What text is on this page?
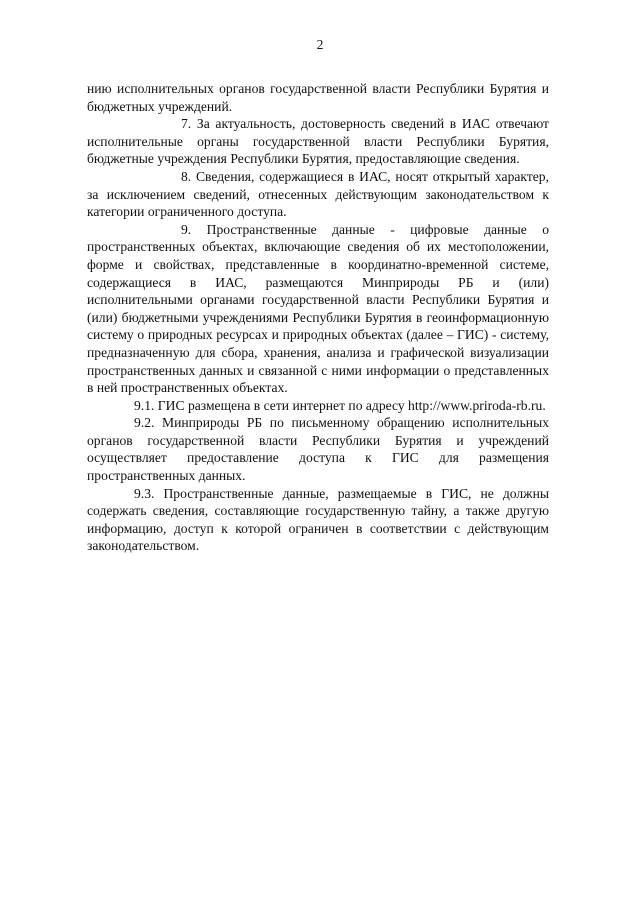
2

нию исполнительных органов государственной власти Республики Бурятия и бюджетных учреждений.

7. За актуальность, достоверность сведений в ИАС отвечают исполнительные органы государственной власти Республики Бурятия, бюджетные учреждения Республики Бурятия, предоставляющие сведения.

8. Сведения, содержащиеся в ИАС, носят открытый характер, за исключением сведений, отнесенных действующим законодательством к категории ограниченного доступа.

9. Пространственные данные - цифровые данные о пространственных объектах, включающие сведения об их местоположении, форме и свойствах, представленные в координатно-временной системе, содержащиеся в ИАС, размещаются Минприроды РБ и (или) исполнительными органами государственной власти Республики Бурятия и (или) бюджетными учреждениями Республики Бурятия в геоинформационную систему о природных ресурсах и природных объектах (далее – ГИС) - систему, предназначенную для сбора, хранения, анализа и графической визуализации пространственных данных и связанной с ними информации о представленных в ней пространственных объектах.

9.1. ГИС размещена в сети интернет по адресу http://www.priroda-rb.ru.

9.2. Минприроды РБ по письменному обращению исполнительных органов государственной власти Республики Бурятия и учреждений осуществляет предоставление доступа к ГИС для размещения пространственных данных.

9.3. Пространственные данные, размещаемые в ГИС, не должны содержать сведения, составляющие государственную тайну, а также другую информацию, доступ к которой ограничен в соответствии с действующим законодательством.
